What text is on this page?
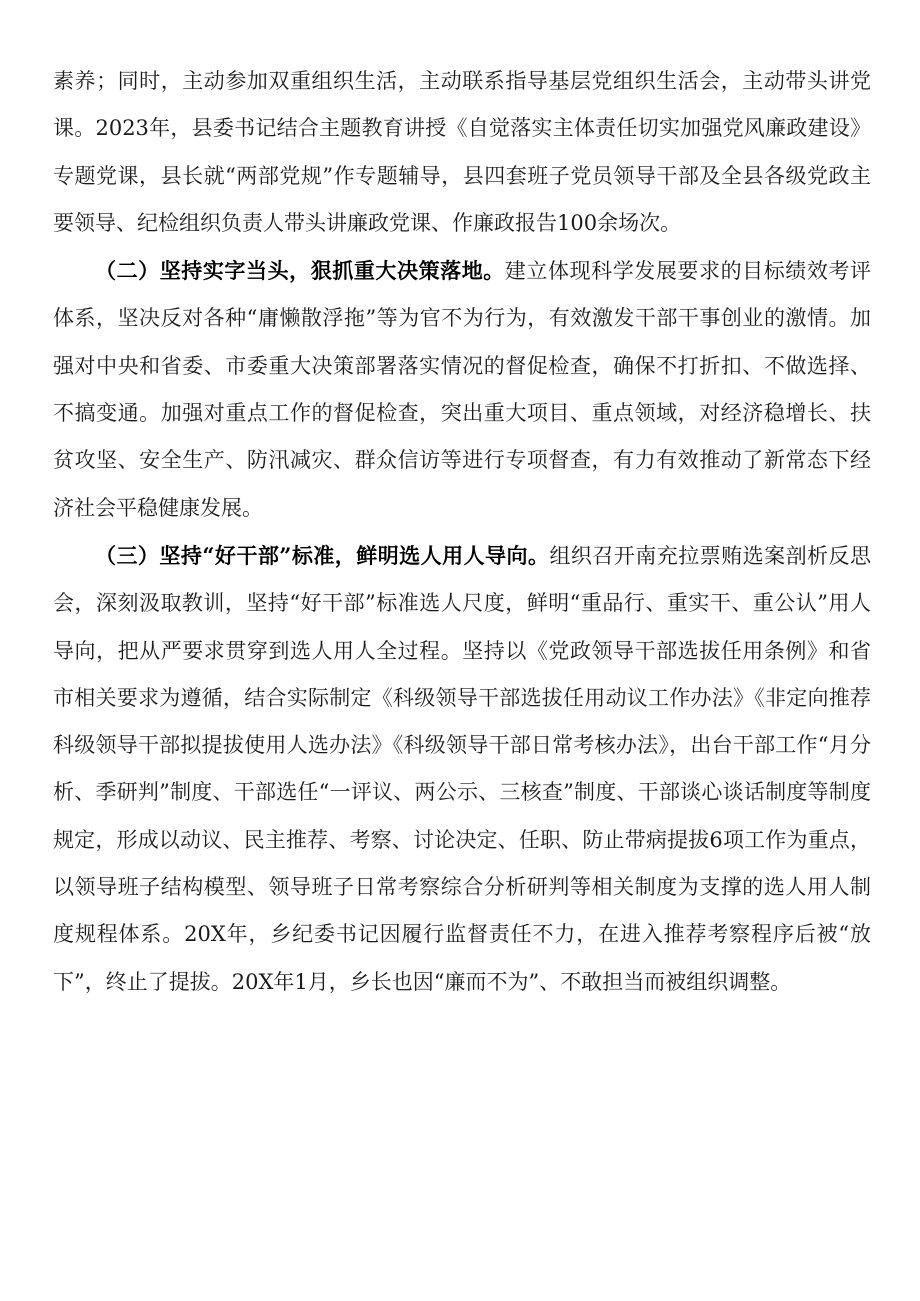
素养；同时，主动参加双重组织生活，主动联系指导基层党组织生活会，主动带头讲党课。2023年，县委书记结合主题教育讲授《自觉落实主体责任切实加强党风廉政建设》专题党课，县长就“两部党规”作专题辅导，县四套班子党员领导干部及全县各级党政主要领导、纪检组织负责人带头讲廉政党课、作廉政报告100余场次。

（二）坚持实字当头，狠抓重大决策落地。建立体现科学发展要求的目标绩效考评体系，坚决反对各种“庸懒散浮拖”等为官不为行为，有效激发干部干事创业的激情。加强对中央和省委、市委重大决策部署落实情况的督促检查，确保不打折扣、不做选择、不搞变通。加强对重点工作的督促检查，突出重大项目、重点领域，对经济稳增长、扶贫攻坚、安全生产、防汛减灾、群众信访等进行专项督查，有力有效推动了新常态下经济社会平稳健康发展。

（三）坚持“好干部”标准，鲜明选人用人导向。组织召开南充拉票贿选案剖析反思会，深刻汲取教训，坚持“好干部”标准选人尺度，鲜明“重品行、重实干、重公认”用人导向，把从严要求贯穿到选人用人全过程。坚持以《党政领导干部选拔任用条例》和省市相关要求为遵循，结合实际制定《科级领导干部选拔任用动议工作办法》《非定向推荐科级领导干部拟提拔使用人选办法》《科级领导干部日常考核办法》，出台干部工作“月分析、季研判”制度、干部选任“一评议、两公示、三核查”制度、干部谈心谈话制度等制度规定，形成以动议、民主推荐、考察、讨论决定、任职、防止带病提拔6项工作为重点，以领导班子结构模型、领导班子日常考察综合分析研判等相关制度为支撑的选人用人制度规程体系。20X年，乡纪委书记因履行监督责任不力，在进入推荐考察程序后被“放下”，终止了提拔。20X年1月，乡长也因“廉而不为”、不敢担当而被组织调整。
